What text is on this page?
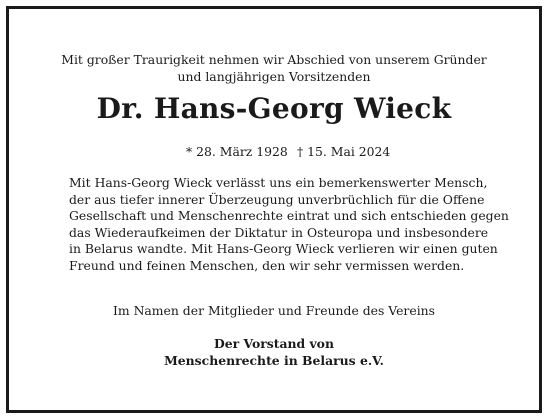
Mit großer Traurigkeit nehmen wir Abschied von unserem Gründer
und langjährigen Vorsitzenden
Dr. Hans-Georg Wieck
* 28. März 1928 † 15. Mai 2024
Mit Hans-Georg Wieck verlässt uns ein bemerkenswerter Mensch,
der aus tiefer innerer Überzeugung unverbrüchlich für die Offene
Gesellschaft und Menschenrechte eintrat und sich entschieden gegen
das Wiederaufkeimen der Diktatur in Osteuropa und insbesondere
in Belarus wandte. Mit Hans-Georg Wieck verlieren wir einen guten
Freund und feinen Menschen, den wir sehr vermissen werden.
Im Namen der Mitglieder und Freunde des Vereins
Der Vorstand von
Menschenrechte in Belarus e.V.
